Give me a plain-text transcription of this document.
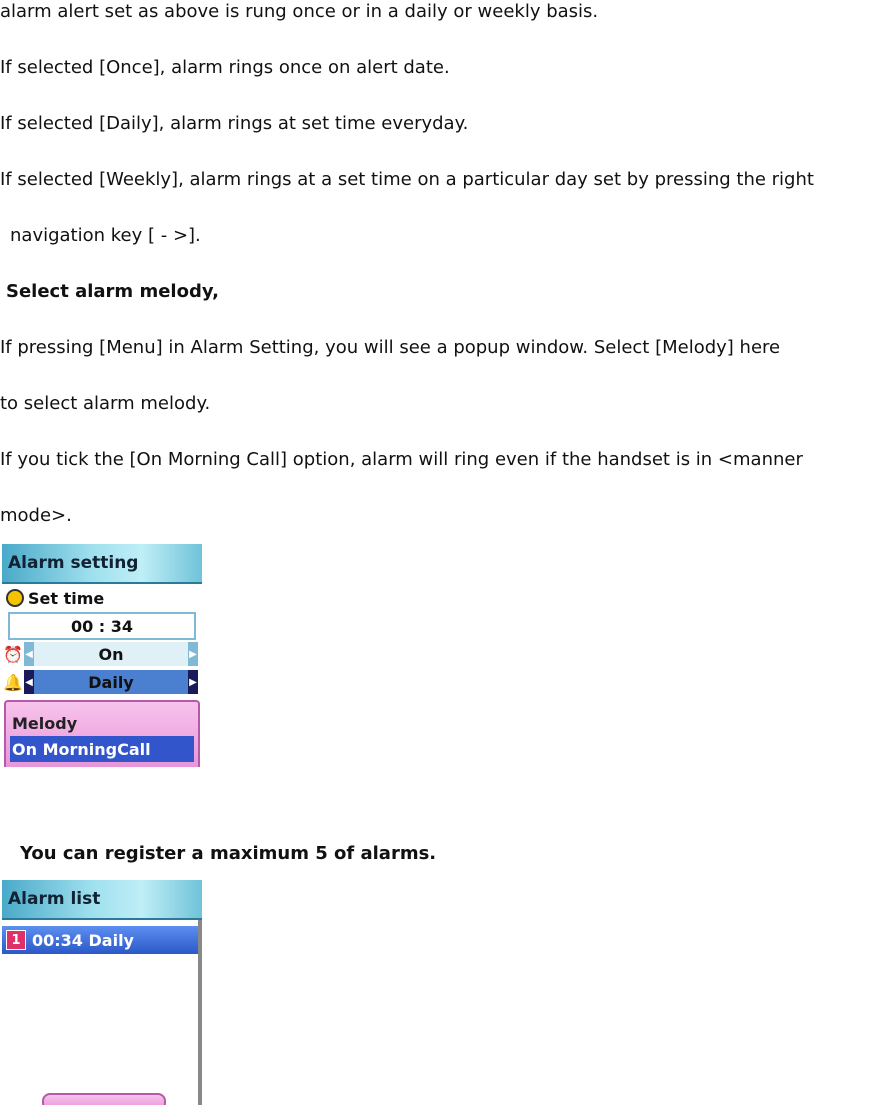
alarm alert set as above is rung once or in a daily or weekly basis.
If selected [Once], alarm rings once on alert date.
If selected [Daily], alarm rings at set time everyday.
If selected [Weekly], alarm rings at a set time on a particular day set by pressing the right
navigation key [ - >].
Select alarm melody,
If pressing [Menu] in Alarm Setting, you will see a popup window. Select [Melody] here
to select alarm melody.
If you tick the [On Morning Call] option, alarm will ring even if the handset is in <manner
mode>.
Alarm setting
Set time
00 : 34
⏰ ◀	On	▶
🔔 ◀	Daily	▶
Melody
On MorningCall
You can register a maximum 5 of alarms.
Alarm list
1 00:34 Daily
